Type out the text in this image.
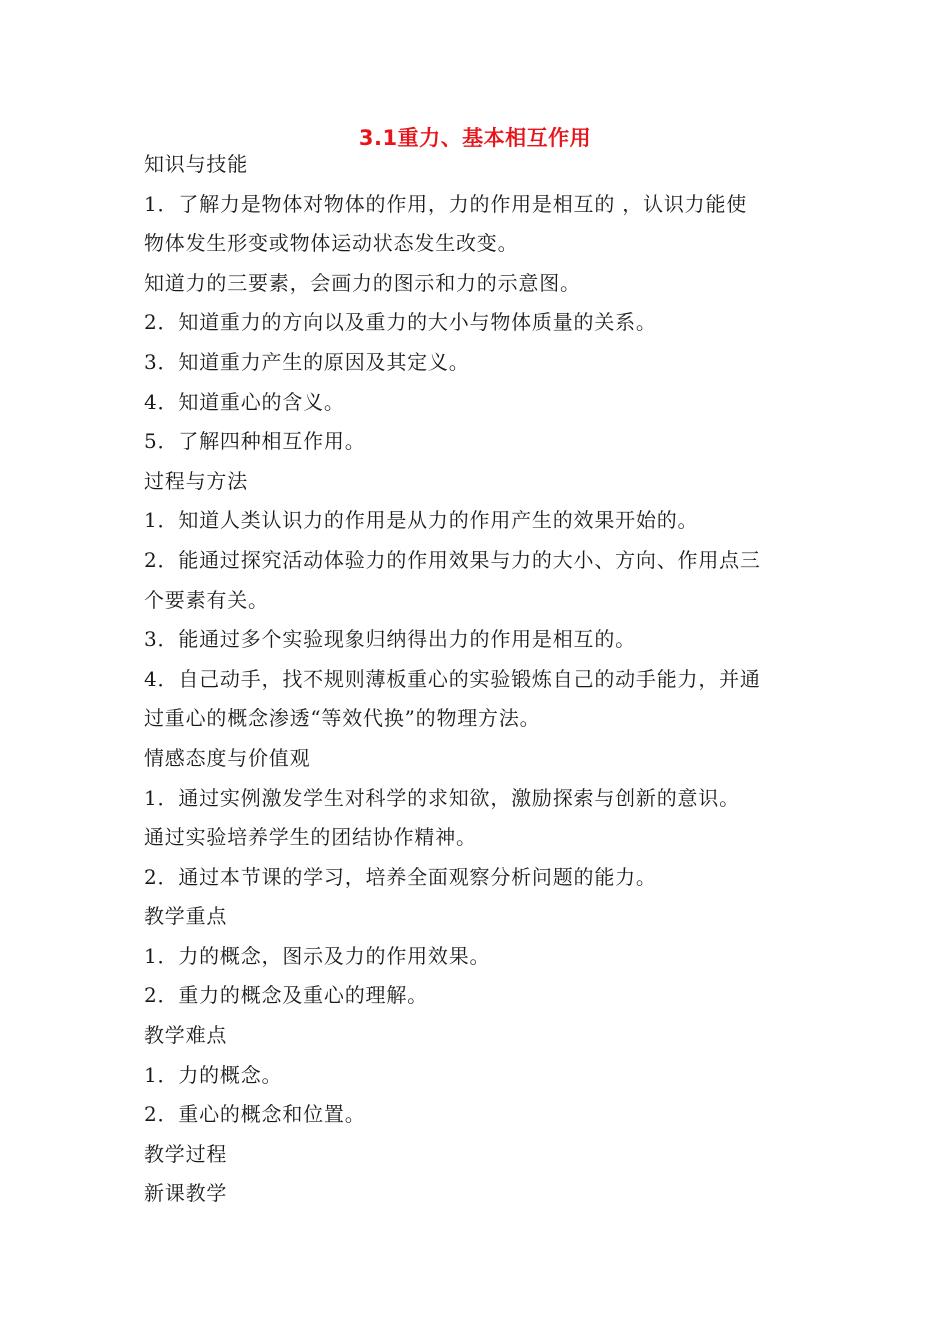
3.1重力、基本相互作用
知识与技能
1．了解力是物体对物体的作用，力的作用是相互的 ，认识力能使
物体发生形变或物体运动状态发生改变。
知道力的三要素，会画力的图示和力的示意图。
2．知道重力的方向以及重力的大小与物体质量的关系。
3．知道重力产生的原因及其定义。
4．知道重心的含义。
5．了解四种相互作用。
过程与方法
1．知道人类认识力的作用是从力的作用产生的效果开始的。
2．能通过探究活动体验力的作用效果与力的大小、方向、作用点三
个要素有关。
3．能通过多个实验现象归纳得出力的作用是相互的。
4．自己动手，找不规则薄板重心的实验锻炼自己的动手能力，并通
过重心的概念渗透“等效代换”的物理方法。
情感态度与价值观
1．通过实例激发学生对科学的求知欲，激励探索与创新的意识。
通过实验培养学生的团结协作精神。
2．通过本节课的学习，培养全面观察分析问题的能力。
教学重点
1．力的概念，图示及力的作用效果。
2．重力的概念及重心的理解。
教学难点
1．力的概念。
2．重心的概念和位置。
教学过程
新课教学
